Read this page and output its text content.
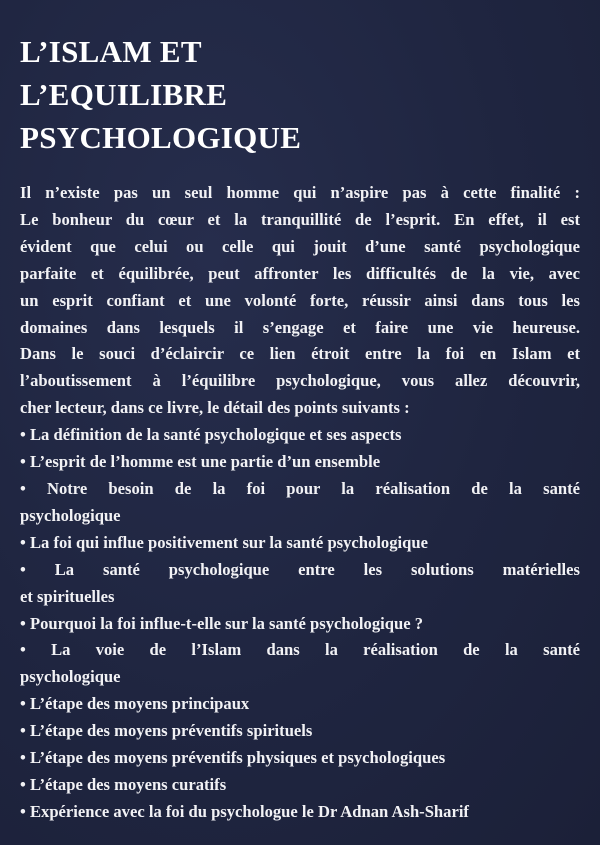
L’ISLAM ET
L’EQUILIBRE
PSYCHOLOGIQUE

Il n’existe pas un seul homme qui n’aspire pas à cette finalité :
Le bonheur du cœur et la tranquillité de l’esprit. En effet, il est
évident que celui ou celle qui jouit d’une santé psychologique
parfaite et équilibrée, peut affronter les difficultés de la vie, avec
un esprit confiant et une volonté forte, réussir ainsi dans tous les
domaines dans lesquels il s’engage et faire une vie heureuse.
Dans le souci d’éclaircir ce lien étroit entre la foi en Islam et
l’aboutissement à l’équilibre psychologique, vous allez découvrir,
cher lecteur, dans ce livre, le détail des points suivants :

• La définition de la santé psychologique et ses aspects
• L’esprit de l’homme est une partie d’un ensemble
• Notre besoin de la foi pour la réalisation de la santé
psychologique
• La foi qui influe positivement sur la santé psychologique
• La santé psychologique entre les solutions matérielles
et spirituelles
• Pourquoi la foi influe-t-elle sur la santé psychologique ?
• La voie de l’Islam dans la réalisation de la santé
psychologique
• L’étape des moyens principaux
• L’étape des moyens préventifs spirituels
• L’étape des moyens préventifs physiques et psychologiques
• L’étape des moyens curatifs
• Expérience avec la foi du psychologue le Dr Adnan Ash-Sharif
